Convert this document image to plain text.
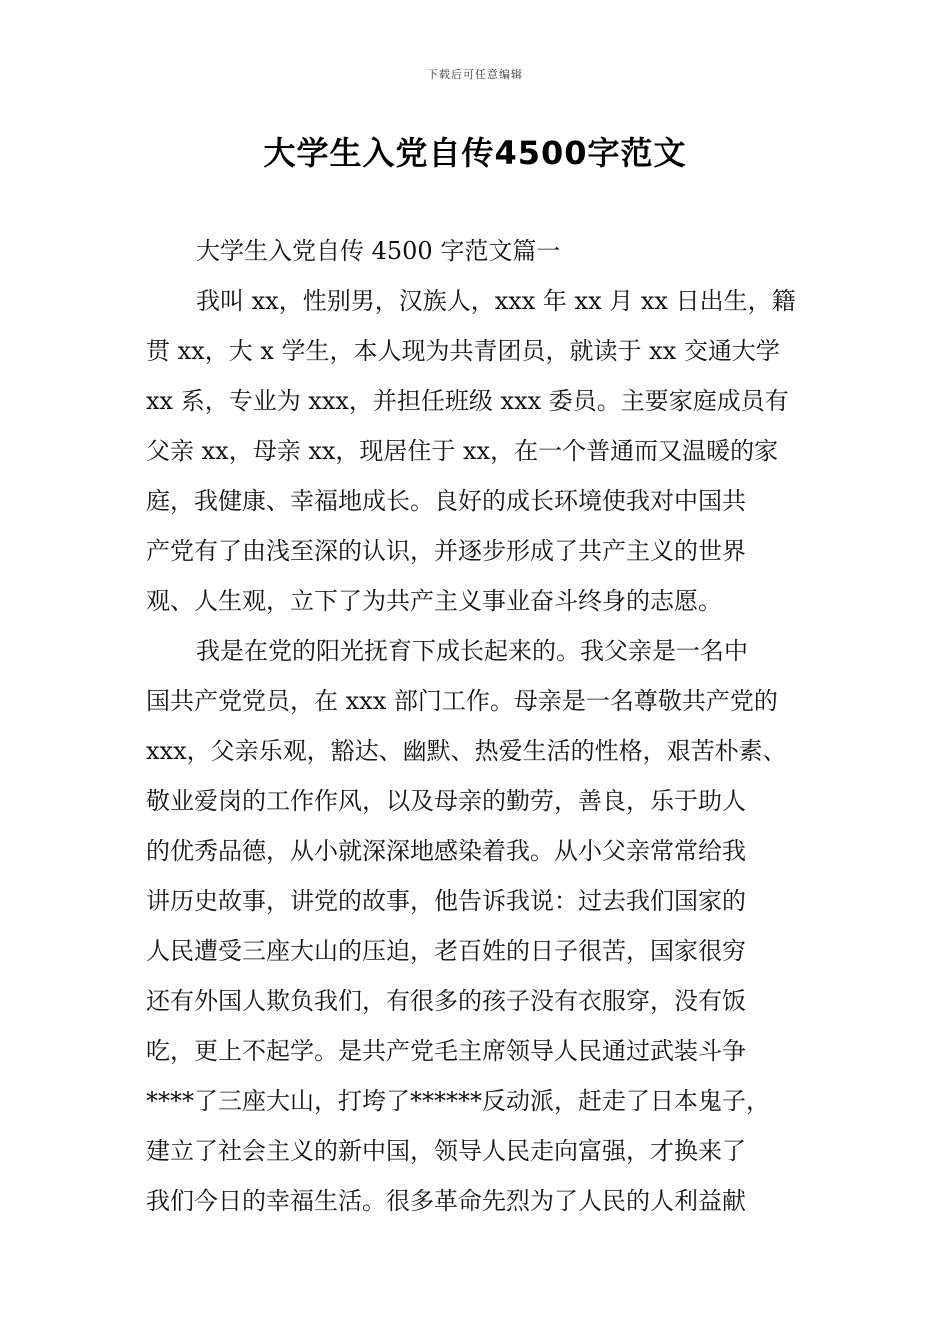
下载后可任意编辑
大学生入党自传4500字范文

大学生入党自传 4500 字范文篇一

我叫 xx，性别男，汉族人，xxx 年 xx 月 xx 日出生，籍
贯 xx，大 x 学生，本人现为共青团员，就读于 xx 交通大学
xx 系，专业为 xxx，并担任班级 xxx 委员。主要家庭成员有
父亲 xx，母亲 xx，现居住于 xx，在一个普通而又温暖的家
庭，我健康、幸福地成长。良好的成长环境使我对中国共
产党有了由浅至深的认识，并逐步形成了共产主义的世界
观、人生观，立下了为共产主义事业奋斗终身的志愿。

我是在党的阳光抚育下成长起来的。我父亲是一名中
国共产党党员，在 xxx 部门工作。母亲是一名尊敬共产党的
xxx，父亲乐观，豁达、幽默、热爱生活的性格，艰苦朴素、
敬业爱岗的工作作风，以及母亲的勤劳，善良，乐于助人
的优秀品德，从小就深深地感染着我。从小父亲常常给我
讲历史故事，讲党的故事，他告诉我说：过去我们国家的
人民遭受三座大山的压迫，老百姓的日子很苦，国家很穷
还有外国人欺负我们，有很多的孩子没有衣服穿，没有饭
吃，更上不起学。是共产党毛主席领导人民通过武装斗争
****了三座大山，打垮了******反动派，赶走了日本鬼子，
建立了社会主义的新中国，领导人民走向富强，才换来了
我们今日的幸福生活。很多革命先烈为了人民的人利益献
